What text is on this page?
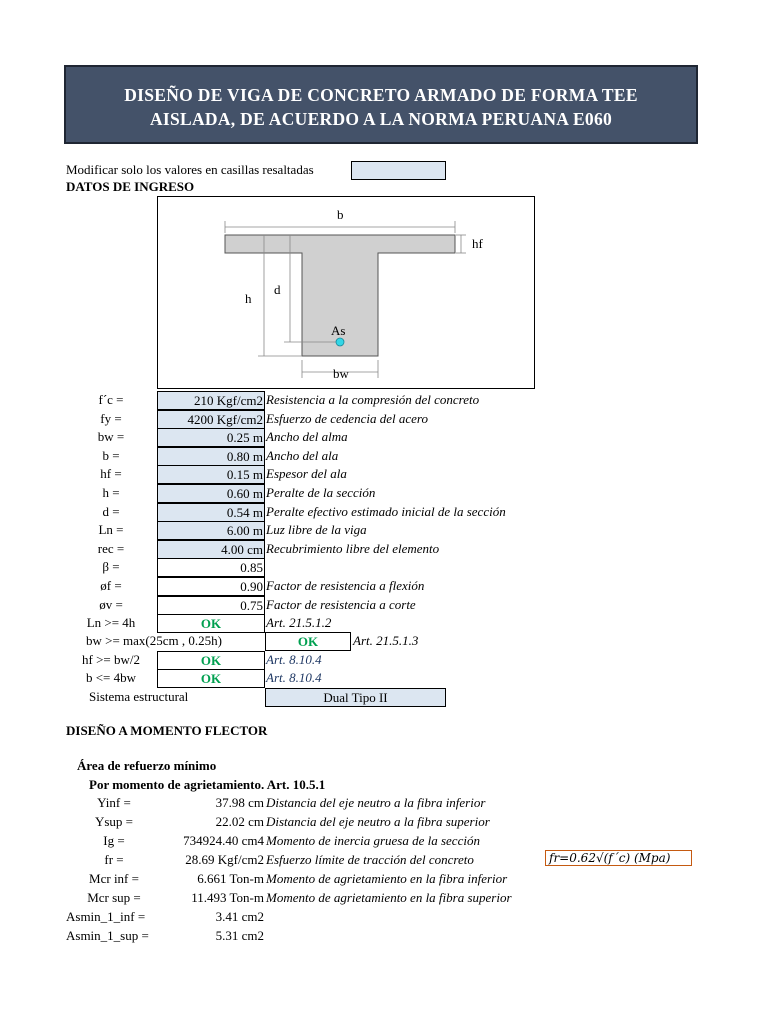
DISEÑO DE VIGA DE CONCRETO ARMADO DE FORMA TEE
AISLADA, DE ACUERDO A LA NORMA PERUANA E060
Modificar solo los valores en casillas resaltadas
DATOS DE INGRESO
b
hf
h
d
As
bw
f´c =	210 Kgf/cm2 Resistencia a la compresión del concreto
fy =	4200 Kgf/cm2 Esfuerzo de cedencia del acero
bw =	0.25 m Ancho del alma
b =	0.80 m Ancho del ala
hf =	0.15 m Espesor del ala
h =	0.60 m Peralte de la sección
d =	0.54 m Peralte efectivo estimado inicial de la sección
Ln =	6.00 m Luz libre de la viga
rec =	4.00 cm Recubrimiento libre del elemento
β =	0.85
øf =	0.90 Factor de resistencia a flexión
øv =	0.75 Factor de resistencia a corte
Ln >= 4h	OK	Art. 21.5.1.2
bw >= max(25cm , 0.25h)	OK	Art. 21.5.1.3
hf >= bw/2	OK	Art. 8.10.4
b <= 4bw	OK	Art. 8.10.4
Sistema estructural	Dual Tipo II
DISEÑO A MOMENTO FLECTOR
Área de refuerzo mínimo
Por momento de agrietamiento. Art. 10.5.1
Yinf =	37.98 cm Distancia del eje neutro a la fibra inferior
Ysup =	22.02 cm Distancia del eje neutro a la fibra superior
Ig =	734924.40 cm4 Momento de inercia gruesa de la sección
fr =	28.69 Kgf/cm2 Esfuerzo límite de tracción del concreto
Mcr inf =	6.661 Ton-m Momento de agrietamiento en la fibra inferior
Mcr sup =	11.493 Ton-m Momento de agrietamiento en la fibra superior
Asmin_1_inf =	3.41 cm2
Asmin_1_sup =	5.31 cm2
fr=0.62√(f´c) (Mpa)
